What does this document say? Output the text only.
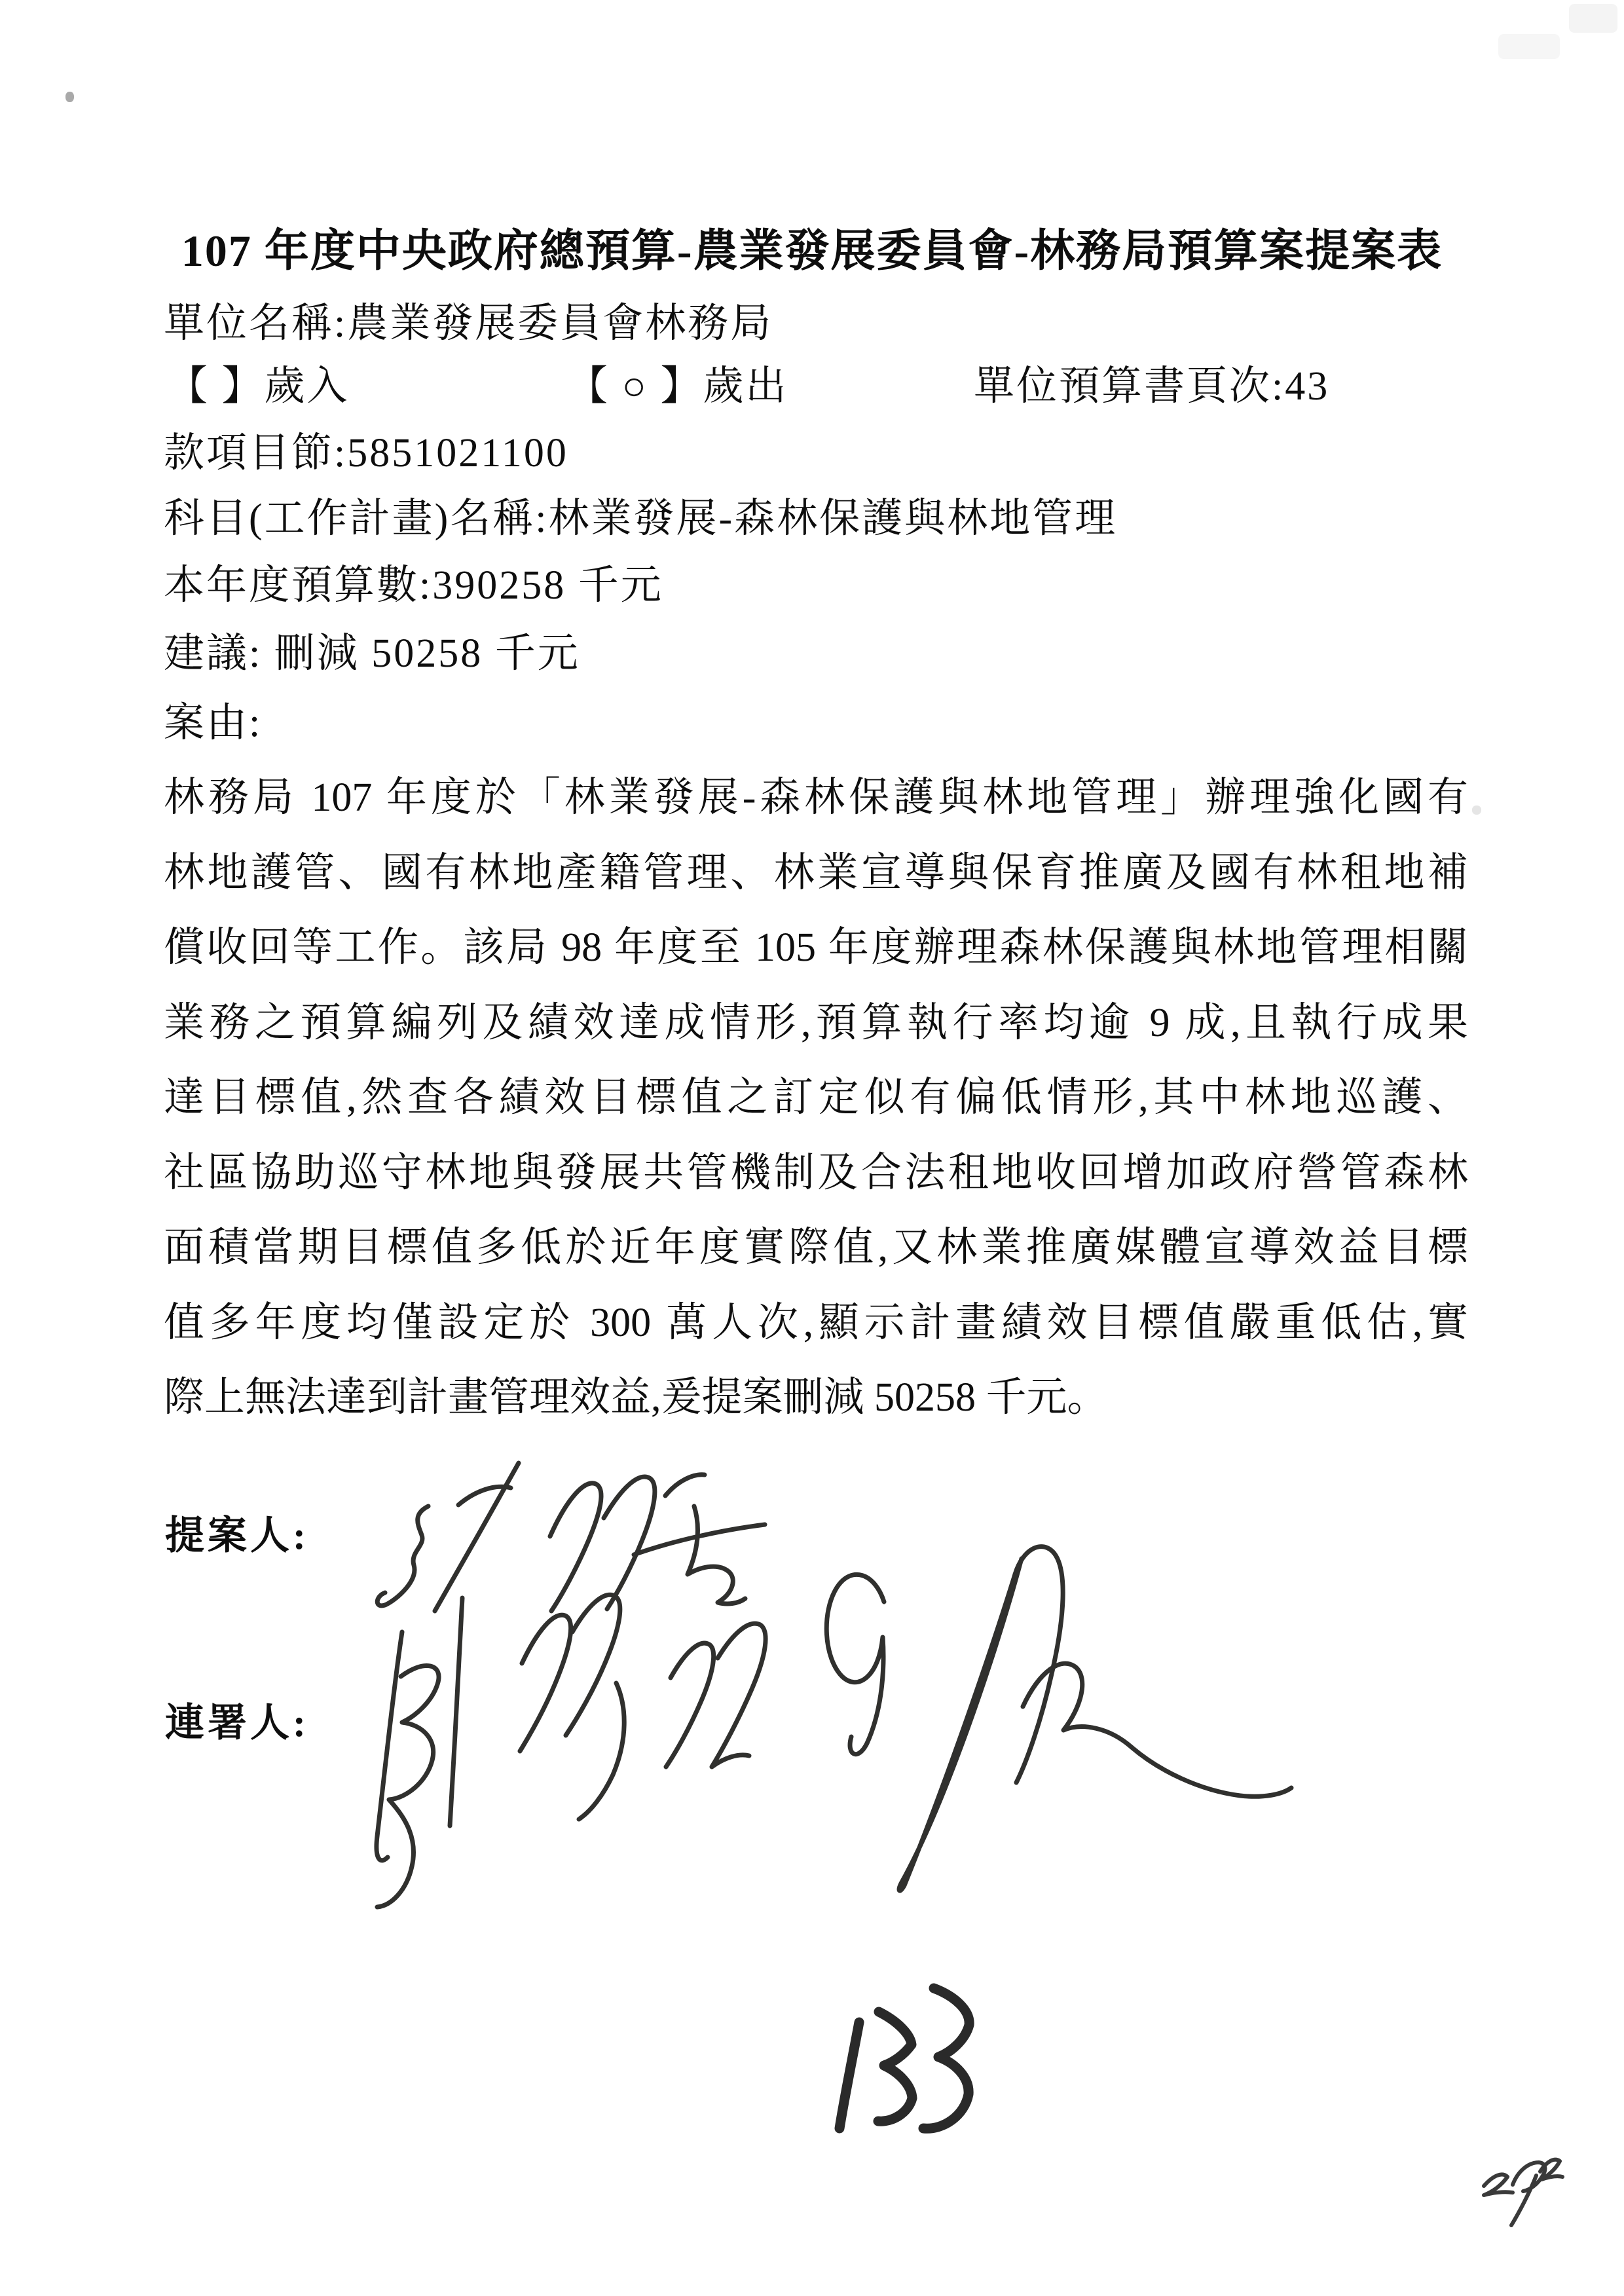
107 年度中央政府總預算-農業發展委員會-林務局預算案提案表
單位名稱:農業發展委員會林務局
【 】歲入	【 ○ 】歲出	單位預算書頁次:43
款項目節:5851021100
科目(工作計畫)名稱:林業發展-森林保護與林地管理
本年度預算數:390258 千元
建議: 刪減 50258 千元
案由:
林務局 107 年度於「林業發展-森林保護與林地管理」辦理強化國有
林地護管、國有林地產籍管理、林業宣導與保育推廣及國有林租地補
償收回等工作。該局 98 年度至 105 年度辦理森林保護與林地管理相關
業務之預算編列及績效達成情形,預算執行率均逾 9 成,且執行成果
達目標值,然查各績效目標值之訂定似有偏低情形,其中林地巡護、
社區協助巡守林地與發展共管機制及合法租地收回增加政府營管森林
面積當期目標值多低於近年度實際值,又林業推廣媒體宣導效益目標
值多年度均僅設定於 300 萬人次,顯示計畫績效目標值嚴重低估,實
際上無法達到計畫管理效益,爰提案刪減 50258 千元。
提案人:
連署人:
